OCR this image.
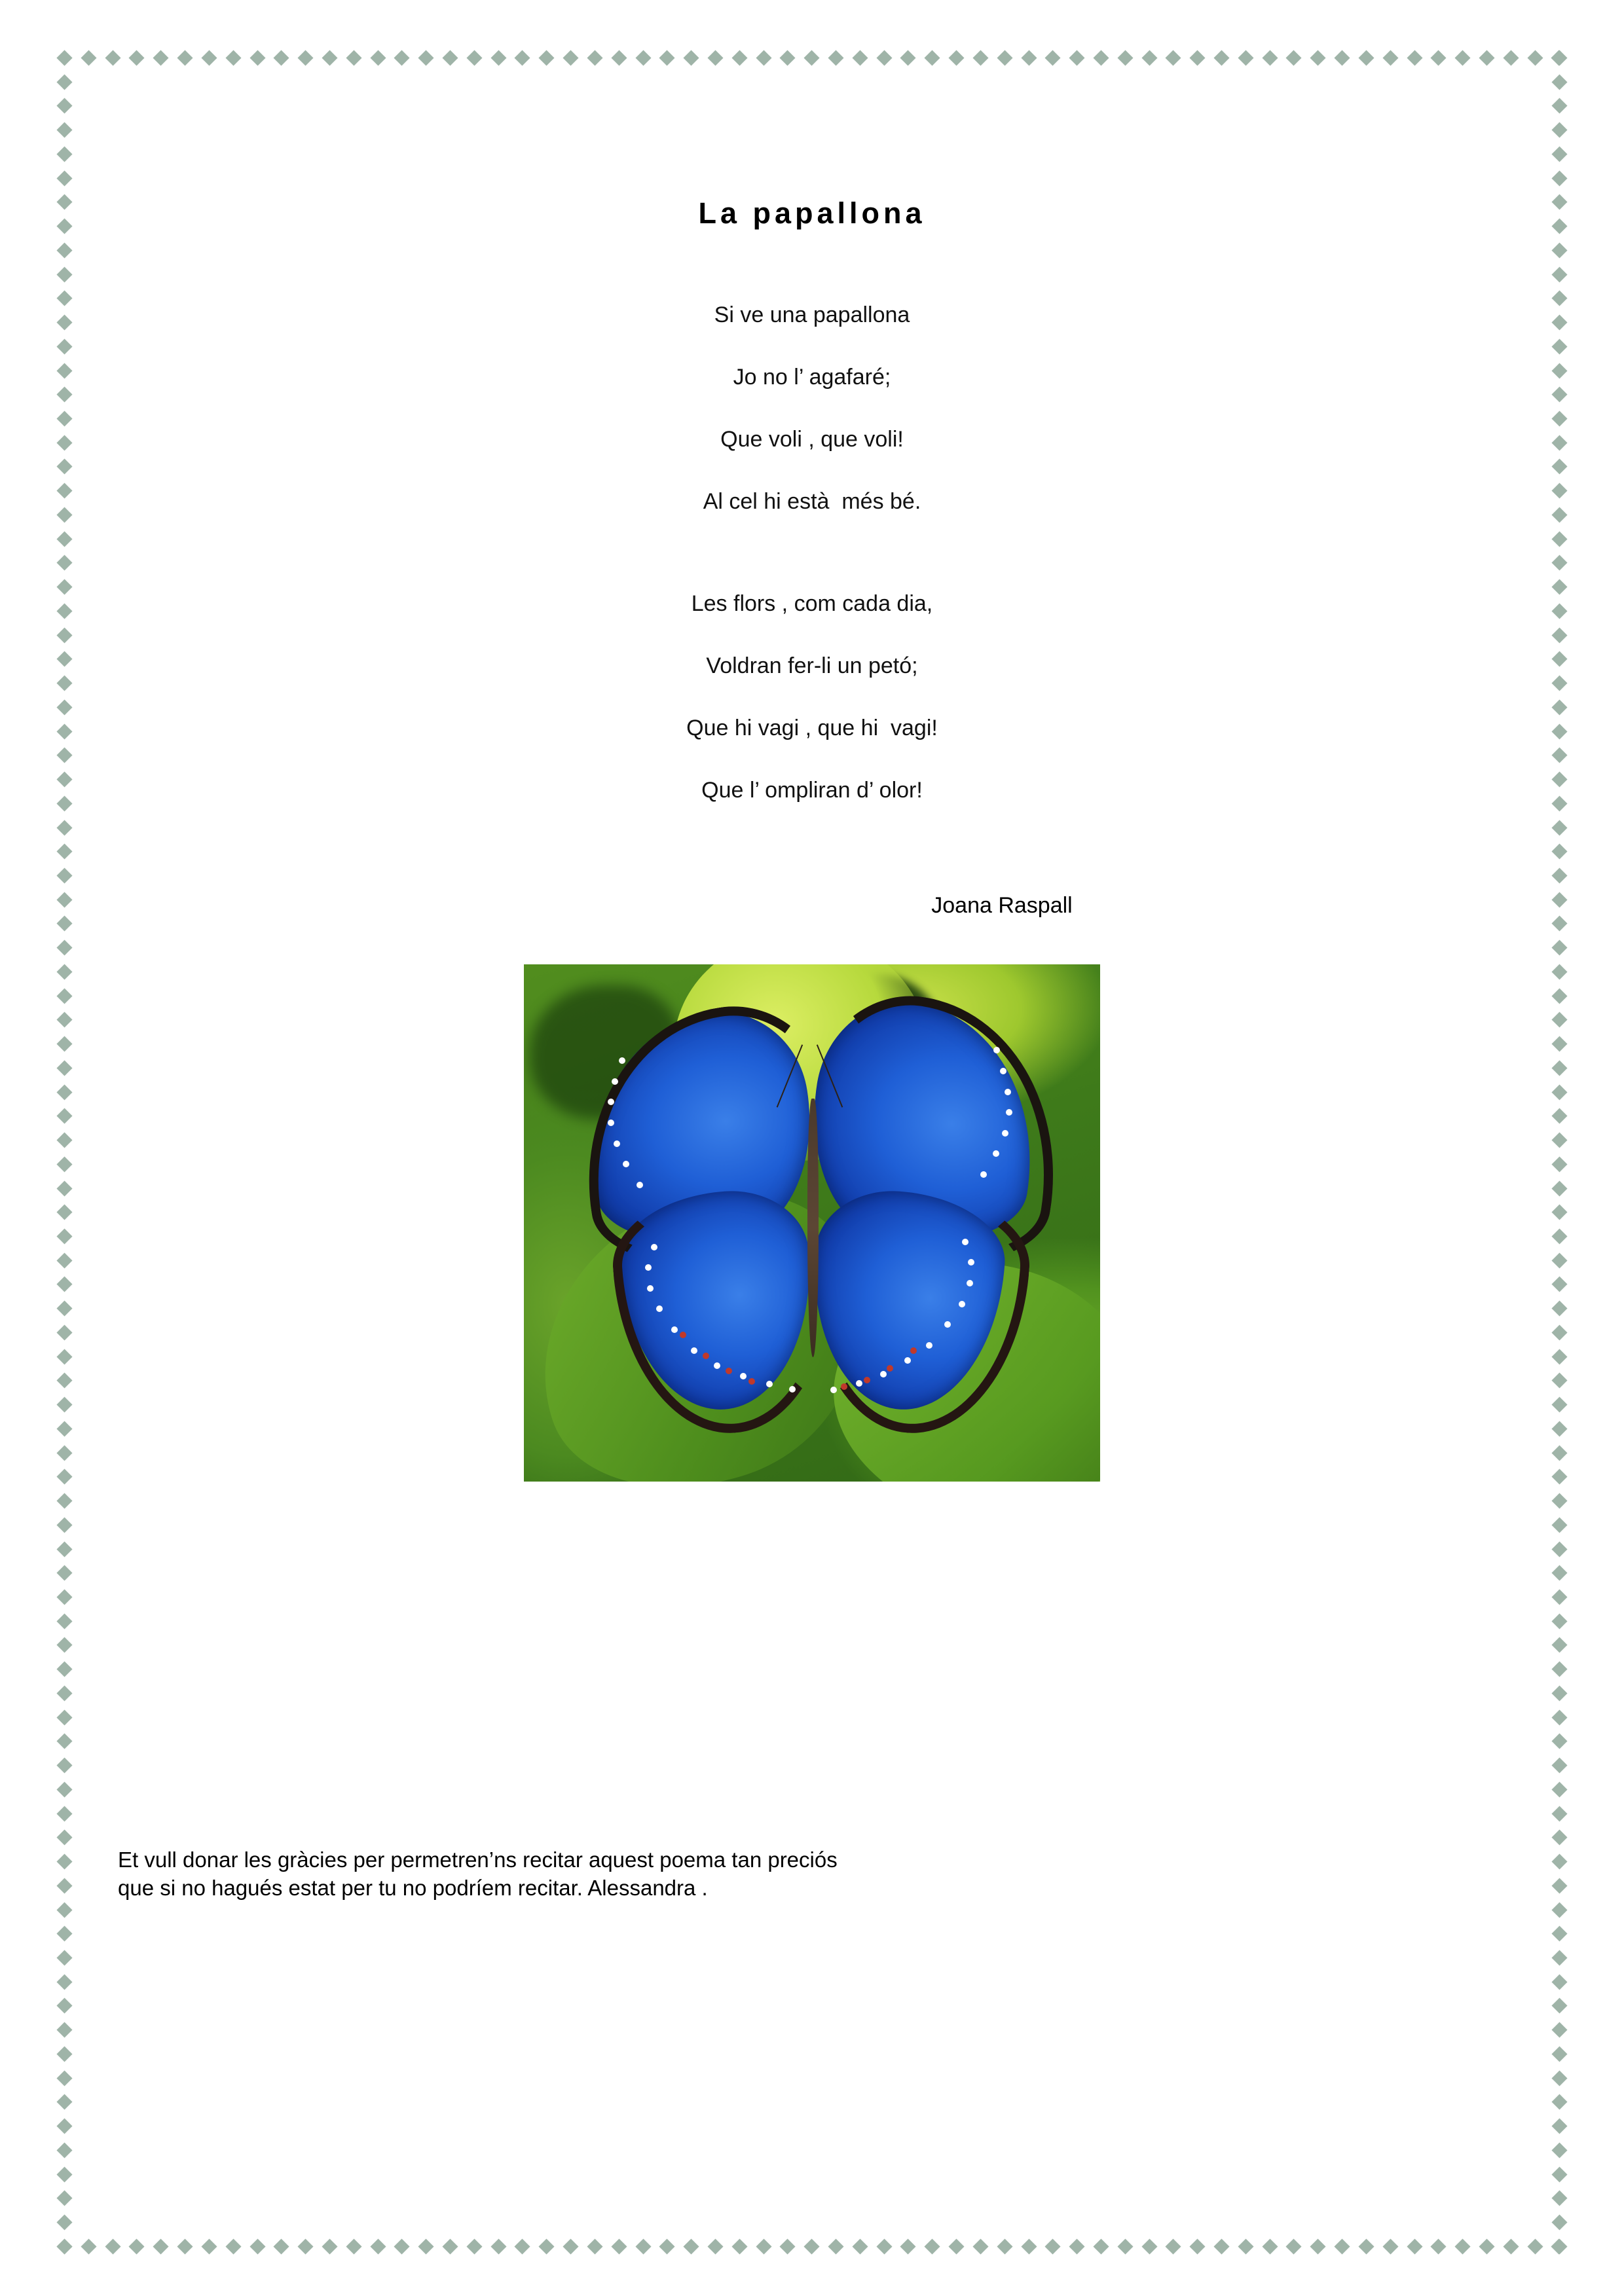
La papallona
Si ve una papallona
Jo no l’ agafaré;
Que voli , que voli!
Al cel hi està  més bé.
Les flors , com cada dia,
Voldran fer-li un petó;
Que hi vagi , que hi  vagi!
Que l’ ompliran d’ olor!
Joana Raspall
Et vull donar les gràcies per permetren’ns recitar aquest poema tan preciós
que si no hagués estat per tu no podríem recitar. Alessandra .
